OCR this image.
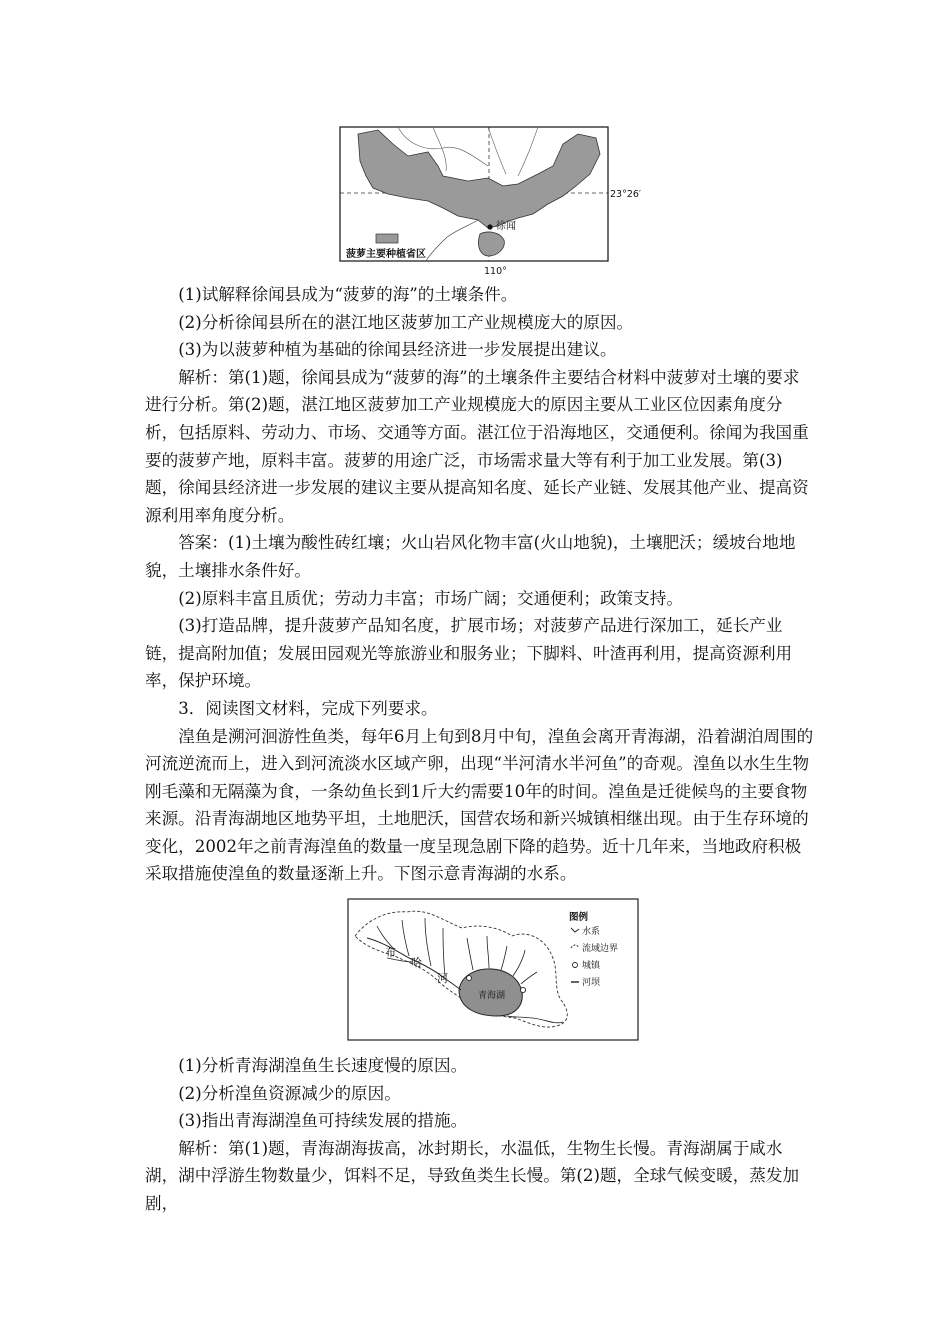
徐闻
23°26′
110°
菠萝主要种植省区

(1)试解释徐闻县成为“菠萝的海”的土壤条件。

(2)分析徐闻县所在的湛江地区菠萝加工产业规模庞大的原因。

(3)为以菠萝种植为基础的徐闻县经济进一步发展提出建议。

解析：第(1)题，徐闻县成为“菠萝的海”的土壤条件主要结合材料中菠萝对土壤的要求进行分析。第(2)题，湛江地区菠萝加工产业规模庞大的原因主要从工业区位因素角度分析，包括原料、劳动力、市场、交通等方面。湛江位于沿海地区，交通便利。徐闻为我国重要的菠萝产地，原料丰富。菠萝的用途广泛，市场需求量大等有利于加工业发展。第(3)题，徐闻县经济进一步发展的建议主要从提高知名度、延长产业链、发展其他产业、提高资源利用率角度分析。

答案：(1)土壤为酸性砖红壤；火山岩风化物丰富(火山地貌)，土壤肥沃；缓坡台地地貌，土壤排水条件好。

(2)原料丰富且质优；劳动力丰富；市场广阔；交通便利；政策支持。

(3)打造品牌，提升菠萝产品知名度，扩展市场；对菠萝产品进行深加工，延长产业链，提高附加值；发展田园观光等旅游业和服务业；下脚料、叶渣再利用，提高资源利用率，保护环境。

3．阅读图文材料，完成下列要求。

湟鱼是溯河洄游性鱼类，每年6月上旬到8月中旬，湟鱼会离开青海湖，沿着湖泊周围的河流逆流而上，进入到河流淡水区域产卵，出现“半河清水半河鱼”的奇观。湟鱼以水生生物刚毛藻和无隔藻为食，一条幼鱼长到1斤大约需要10年的时间。湟鱼是迁徙候鸟的主要食物来源。沿青海湖地区地势平坦，土地肥沃，国营农场和新兴城镇相继出现。由于生存环境的变化，2002年之前青海湟鱼的数量一度呈现急剧下降的趋势。近十几年来，当地政府积极采取措施使湟鱼的数量逐渐上升。下图示意青海湖的水系。

布
哈
河
青海湖
图例
水系
流域边界
城镇
河坝

(1)分析青海湖湟鱼生长速度慢的原因。

(2)分析湟鱼资源减少的原因。

(3)指出青海湖湟鱼可持续发展的措施。

解析：第(1)题，青海湖海拔高，冰封期长，水温低，生物生长慢。青海湖属于咸水湖，湖中浮游生物数量少，饵料不足，导致鱼类生长慢。第(2)题，全球气候变暖，蒸发加剧，
